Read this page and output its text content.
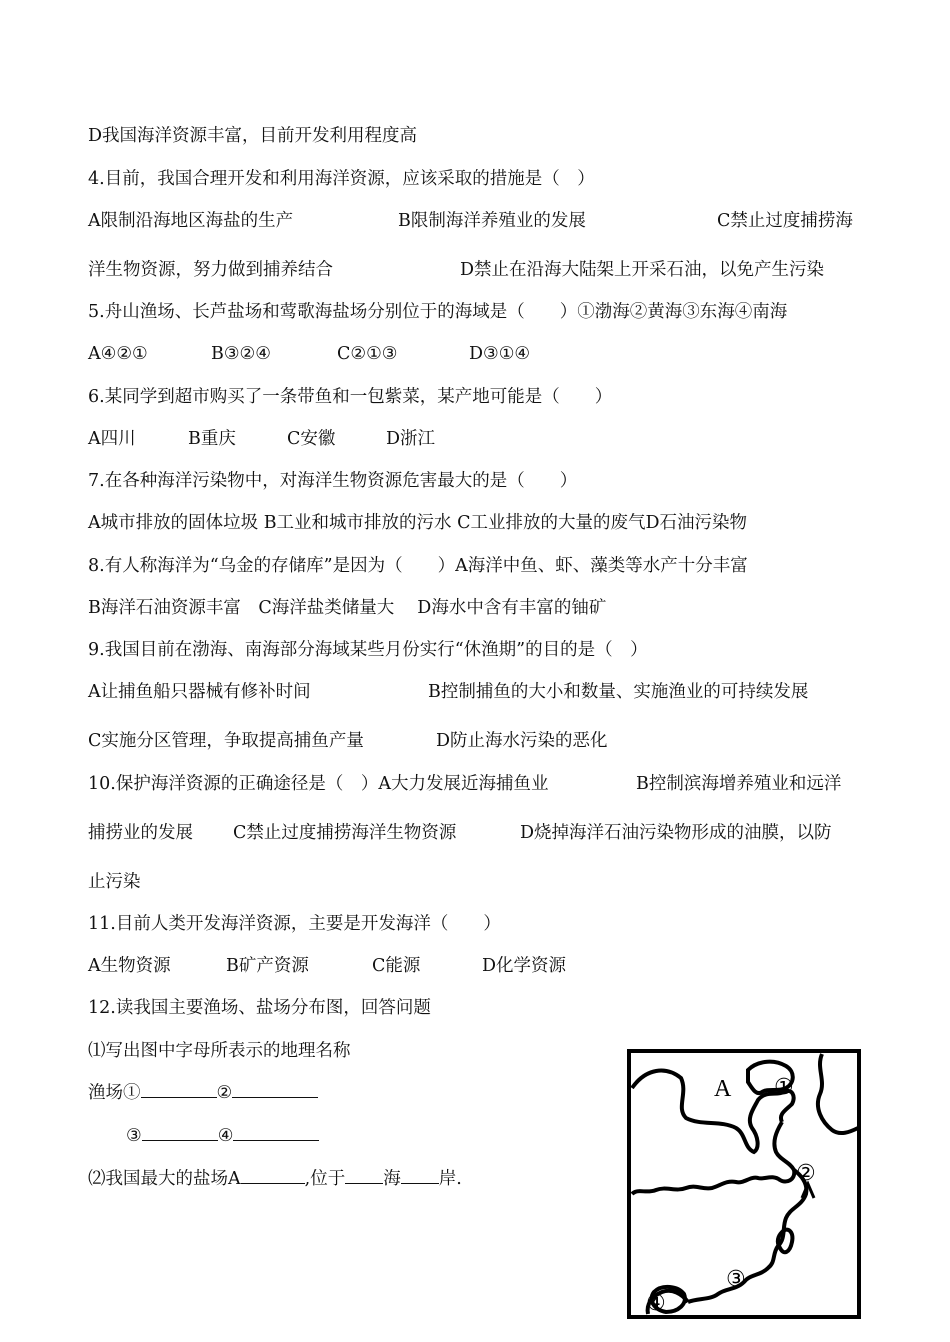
D我国海洋资源丰富，目前开发利用程度高
4.目前，我国合理开发和利用海洋资源，应该采取的措施是（　）
A限制沿海地区海盐的生产	B限制海洋养殖业的发展	C禁止过度捕捞海
洋生物资源，努力做到捕养结合	D禁止在沿海大陆架上开采石油，以免产生污染
5.舟山渔场、长芦盐场和莺歌海盐场分别位于的海域是（　　）①渤海②黄海③东海④南海
A④②①	B③②④	C②①③	D③①④
6.某同学到超市购买了一条带鱼和一包紫菜，某产地可能是（　　）
A四川	B重庆	C安徽	D浙江
7.在各种海洋污染物中，对海洋生物资源危害最大的是（　　）
A城市排放的固体垃圾 B工业和城市排放的污水 C工业排放的大量的废气D石油污染物
8.有人称海洋为“乌金的存储库”是因为（　　）A海洋中鱼、虾、藻类等水产十分丰富
B海洋石油资源丰富　C海洋盐类储量大　 D海水中含有丰富的铀矿
9.我国目前在渤海、南海部分海域某些月份实行“休渔期”的目的是（　）
A让捕鱼船只器械有修补时间	B控制捕鱼的大小和数量、实施渔业的可持续发展
C实施分区管理，争取提高捕鱼产量	D防止海水污染的恶化
10.保护海洋资源的正确途径是（　）A大力发展近海捕鱼业	B控制滨海增养殖业和远洋
捕捞业的发展 C禁止过度捕捞海洋生物资源	D烧掉海洋石油污染物形成的油膜，以防
止污染
11.目前人类开发海洋资源，主要是开发海洋（　　）
A生物资源	B矿产资源	C能源	D化学资源
12.读我国主要渔场、盐场分布图，回答问题
⑴写出图中字母所表示的地理名称
渔场①	②
③	④
⑵我国最大的盐场A	,位于 海 岸.
A ①
②
③
④
